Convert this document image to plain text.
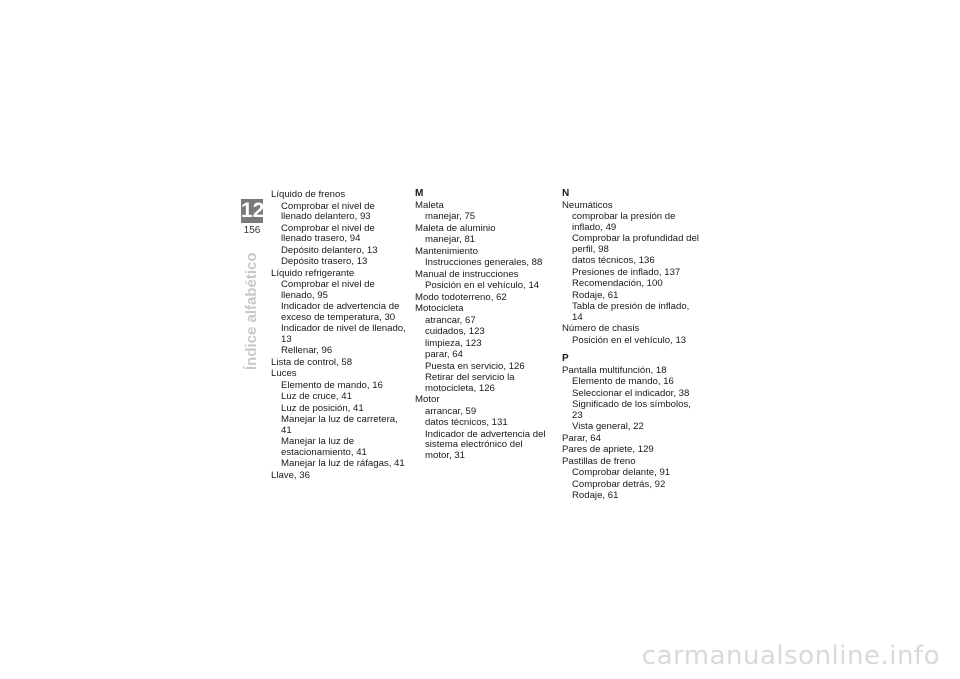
12
156
Índice alfabético
Líquido de frenos
Comprobar el nivel de llenado delantero, 93
Comprobar el nivel de llenado trasero, 94
Depósito delantero, 13
Depósito trasero, 13
Líquido refrigerante
Comprobar el nivel de llenado, 95
Indicador de advertencia de exceso de temperatura, 30
Indicador de nivel de llenado, 13
Rellenar, 96
Lista de control, 58
Luces
Elemento de mando, 16
Luz de cruce, 41
Luz de posición, 41
Manejar la luz de carretera, 41
Manejar la luz de estacionamiento, 41
Manejar la luz de ráfagas, 41
Llave, 36
M
Maleta
manejar, 75
Maleta de aluminio
manejar, 81
Mantenimiento
Instrucciones generales, 88
Manual de instrucciones
Posición en el vehículo, 14
Modo todoterreno, 62
Motocicleta
atrancar, 67
cuidados, 123
limpieza, 123
parar, 64
Puesta en servicio, 126
Retirar del servicio la motocicleta, 126
Motor
arrancar, 59
datos técnicos, 131
Indicador de advertencia del sistema electrónico del motor, 31
N
Neumáticos
comprobar la presión de inflado, 49
Comprobar la profundidad del perfil, 98
datos técnicos, 136
Presiones de inflado, 137
Recomendación, 100
Rodaje, 61
Tabla de presión de inflado, 14
Número de chasis
Posición en el vehículo, 13
P
Pantalla multifunción, 18
Elemento de mando, 16
Seleccionar el indicador, 38
Significado de los símbolos, 23
Vista general, 22
Parar, 64
Pares de apriete, 129
Pastillas de freno
Comprobar delante, 91
Comprobar detrás, 92
Rodaje, 61
carmanualsonline.info
